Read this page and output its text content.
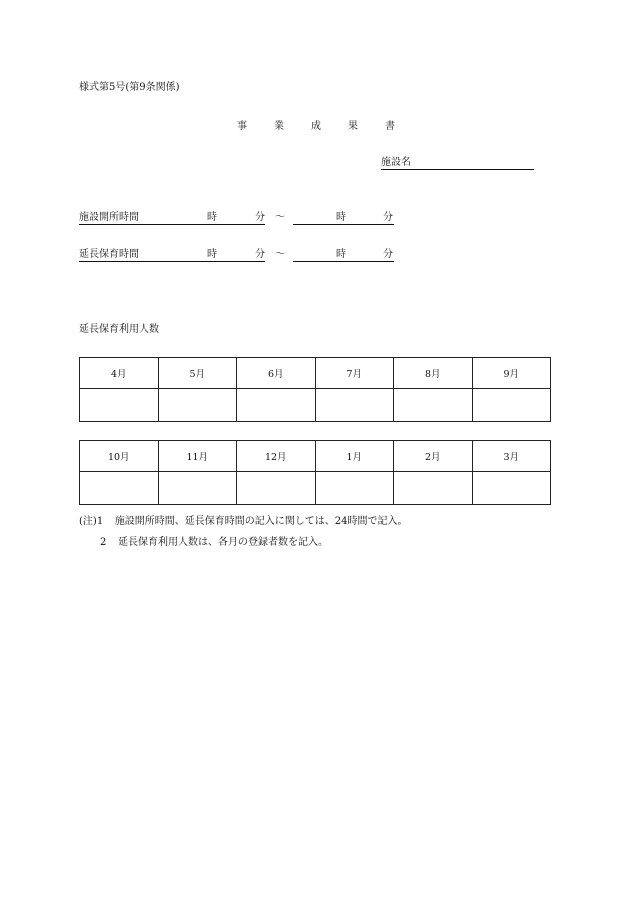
様式第5号(第9条関係)
事	業	成	果	書
施設名
施設開所時間	時	分 ～	時	分
延長保育時間	時	分 ～	時	分
延長保育利用人数
4月	5月	6月	7月	8月	9月

10月	11月	12月	1月	2月	3月

(注)1 施設開所時間、延長保育時間の記入に関しては、24時間で記入。
2 延長保育利用人数は、各月の登録者数を記入。
